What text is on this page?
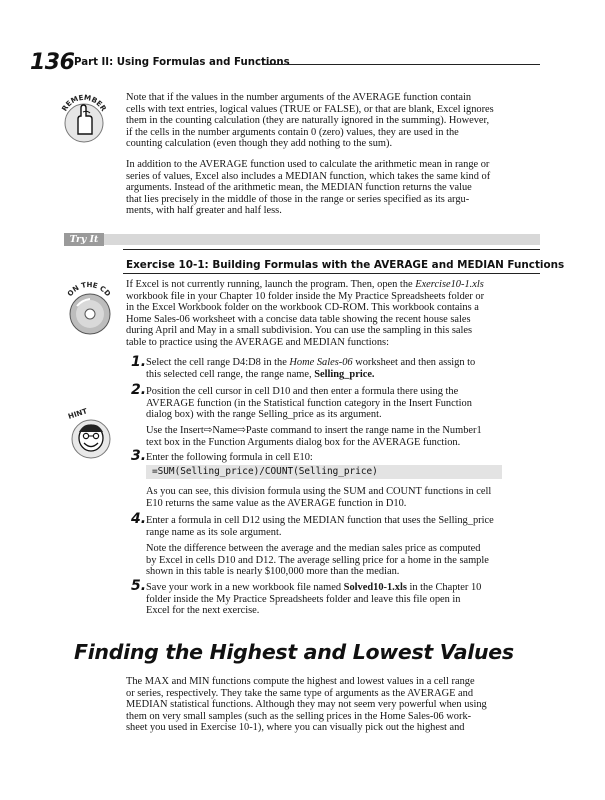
136 Part II: Using Formulas and Functions
REMEMBER
Note that if the values in the number arguments of the AVERAGE function contain
cells with text entries, logical values (TRUE or FALSE), or that are blank, Excel ignores
them in the counting calculation (they are naturally ignored in the summing). However,
if the cells in the number arguments contain 0 (zero) values, they are used in the
counting calculation (even though they add nothing to the sum).
In addition to the AVERAGE function used to calculate the arithmetic mean in range or
series of values, Excel also includes a MEDIAN function, which takes the same kind of
arguments. Instead of the arithmetic mean, the MEDIAN function returns the value
that lies precisely in the middle of those in the range or series specified as its argu-
ments, with half greater and half less.
Try It
Exercise 10-1: Building Formulas with the AVERAGE and MEDIAN Functions
ON THE CD
If Excel is not currently running, launch the program. Then, open the Exercise10-1.xls
workbook file in your Chapter 10 folder inside the My Practice Spreadsheets folder or
in the Excel Workbook folder on the workbook CD-ROM. This workbook contains a
Home Sales-06 worksheet with a concise data table showing the recent house sales
during April and May in a small subdivision. You can use the sampling in this sales
table to practice using the AVERAGE and MEDIAN functions:
1. Select the cell range D4:D8 in the Home Sales-06 worksheet and then assign to
this selected cell range, the range name, Selling_price.
2. Position the cell cursor in cell D10 and then enter a formula there using the
AVERAGE function (in the Statistical function category in the Insert Function
dialog box) with the range Selling_price as its argument.
Use the Insert⇨Name⇨Paste command to insert the range name in the Number1
text box in the Function Arguments dialog box for the AVERAGE function.
HINT
3. Enter the following formula in cell E10:
=SUM(Selling_price)/COUNT(Selling_price)
As you can see, this division formula using the SUM and COUNT functions in cell
E10 returns the same value as the AVERAGE function in D10.
4. Enter a formula in cell D12 using the MEDIAN function that uses the Selling_price
range name as its sole argument.
Note the difference between the average and the median sales price as computed
by Excel in cells D10 and D12. The average selling price for a home in the sample
shown in this table is nearly $100,000 more than the median.
5. Save your work in a new workbook file named Solved10-1.xls in the Chapter 10
folder inside the My Practice Spreadsheets folder and leave this file open in
Excel for the next exercise.
Finding the Highest and Lowest Values
The MAX and MIN functions compute the highest and lowest values in a cell range
or series, respectively. They take the same type of arguments as the AVERAGE and
MEDIAN statistical functions. Although they may not seem very powerful when using
them on very small samples (such as the selling prices in the Home Sales-06 work-
sheet you used in Exercise 10-1), where you can visually pick out the highest and
